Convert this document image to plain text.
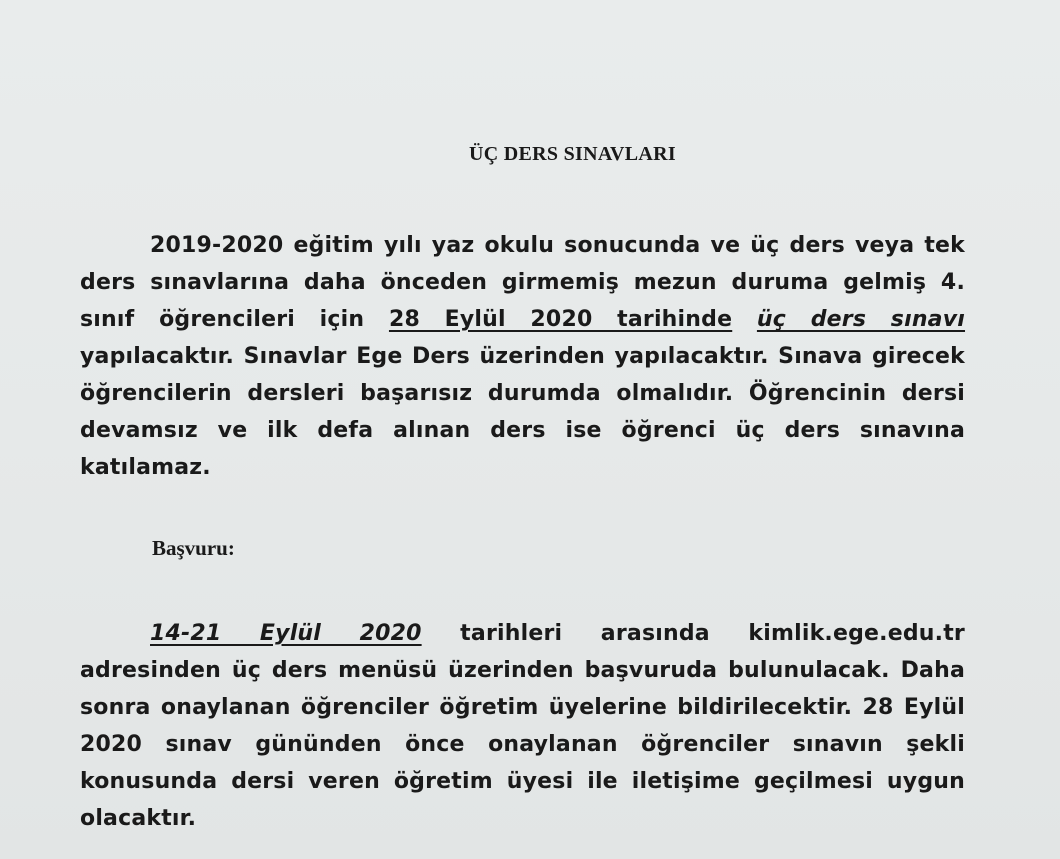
ÜÇ DERS SINAVLARI
2019-2020 eğitim yılı yaz okulu sonucunda ve üç ders veya tek ders sınavlarına daha önceden girmemiş mezun duruma gelmiş 4. sınıf öğrencileri için 28 Eylül 2020 tarihinde üç ders sınavı yapılacaktır. Sınavlar Ege Ders üzerinden yapılacaktır. Sınava girecek öğrencilerin dersleri başarısız durumda olmalıdır. Öğrencinin dersi devamsız ve ilk defa alınan ders ise öğrenci üç ders sınavına katılamaz.
Başvuru:
14-21 Eylül 2020 tarihleri arasında kimlik.ege.edu.tr adresinden üç ders menüsü üzerinden başvuruda bulunulacak. Daha sonra onaylanan öğrenciler öğretim üyelerine bildirilecektir. 28 Eylül 2020 sınav gününden önce onaylanan öğrenciler sınavın şekli konusunda dersi veren öğretim üyesi ile iletişime geçilmesi uygun olacaktır.
